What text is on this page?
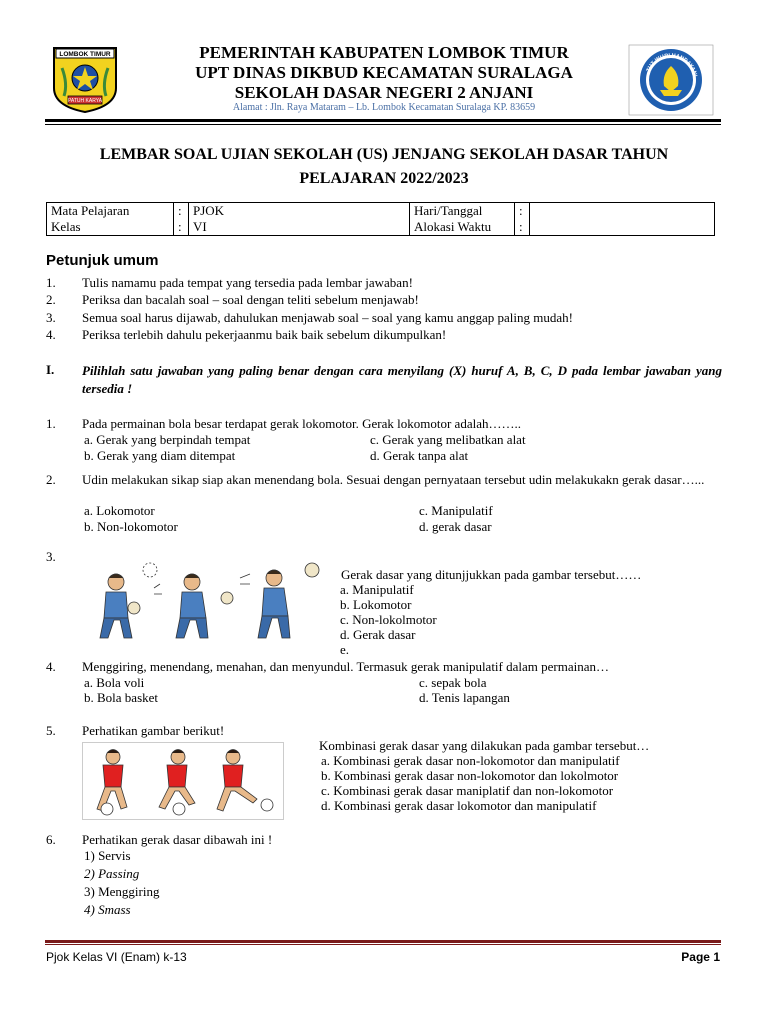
LOMBOK TIMUR
PATUH KARYA
PEMERINTAH KABUPATEN LOMBOK TIMUR
UPT DINAS DIKBUD KECAMATAN SURALAGA
SEKOLAH DASAR NEGERI 2 ANJANI
Alamat : Jln. Raya Mataram – Lb. Lombok Kecamatan Suralaga KP. 83659
TUT WURI HANDAYANI
LEMBAR SOAL UJIAN SEKOLAH (US) JENJANG SEKOLAH DASAR TAHUN
PELAJARAN 2022/2023
Mata Pelajaran	:	PJOK	Hari/Tanggal	:	
Kelas	:	VI	Alokasi Waktu	:	
Petunjuk umum
1. Tulis namamu pada tempat yang tersedia pada lembar jawaban!
2. Periksa dan bacalah soal – soal dengan teliti sebelum menjawab!
3. Semua soal harus dijawab, dahulukan menjawab soal – soal yang kamu anggap paling mudah!
4. Periksa terlebih dahulu pekerjaanmu baik baik sebelum dikumpulkan!
I. Pilihlah satu jawaban yang paling benar dengan cara menyilang (X) huruf A, B, C, D pada lembar jawaban yang tersedia !
1. Pada permainan bola besar terdapat gerak lokomotor. Gerak lokomotor adalah……..
a. Gerak yang berpindah tempat
b. Gerak yang diam ditempat
c. Gerak yang melibatkan alat
d. Gerak tanpa alat
2. Udin melakukan sikap siap akan menendang bola. Sesuai dengan pernyataan tersebut udin melakukakn gerak dasar…...
a. Lokomotor
b. Non-lokomotor
c. Manipulatif
d. gerak dasar
3.
Gerak dasar yang ditunjjukkan pada gambar tersebut……
a. Manipulatif
b. Lokomotor
c. Non-lokolmotor
d. Gerak dasar
e.
4. Menggiring, menendang, menahan, dan menyundul. Termasuk gerak manipulatif dalam permainan…
a. Bola voli
b. Bola basket
c. sepak bola
d. Tenis lapangan
5. Perhatikan gambar berikut!
Kombinasi gerak dasar yang dilakukan pada gambar tersebut…
a. Kombinasi gerak dasar non-lokomotor dan manipulatif
b. Kombinasi gerak dasar non-lokomotor dan lokolmotor
c. Kombinasi gerak dasar maniplatif dan non-lokomotor
d. Kombinasi gerak dasar lokomotor dan manipulatif
6. Perhatikan gerak dasar dibawah ini !
1) Servis
2) Passing
3) Menggiring
4) Smass
Pjok Kelas VI (Enam) k-13	Page 1
